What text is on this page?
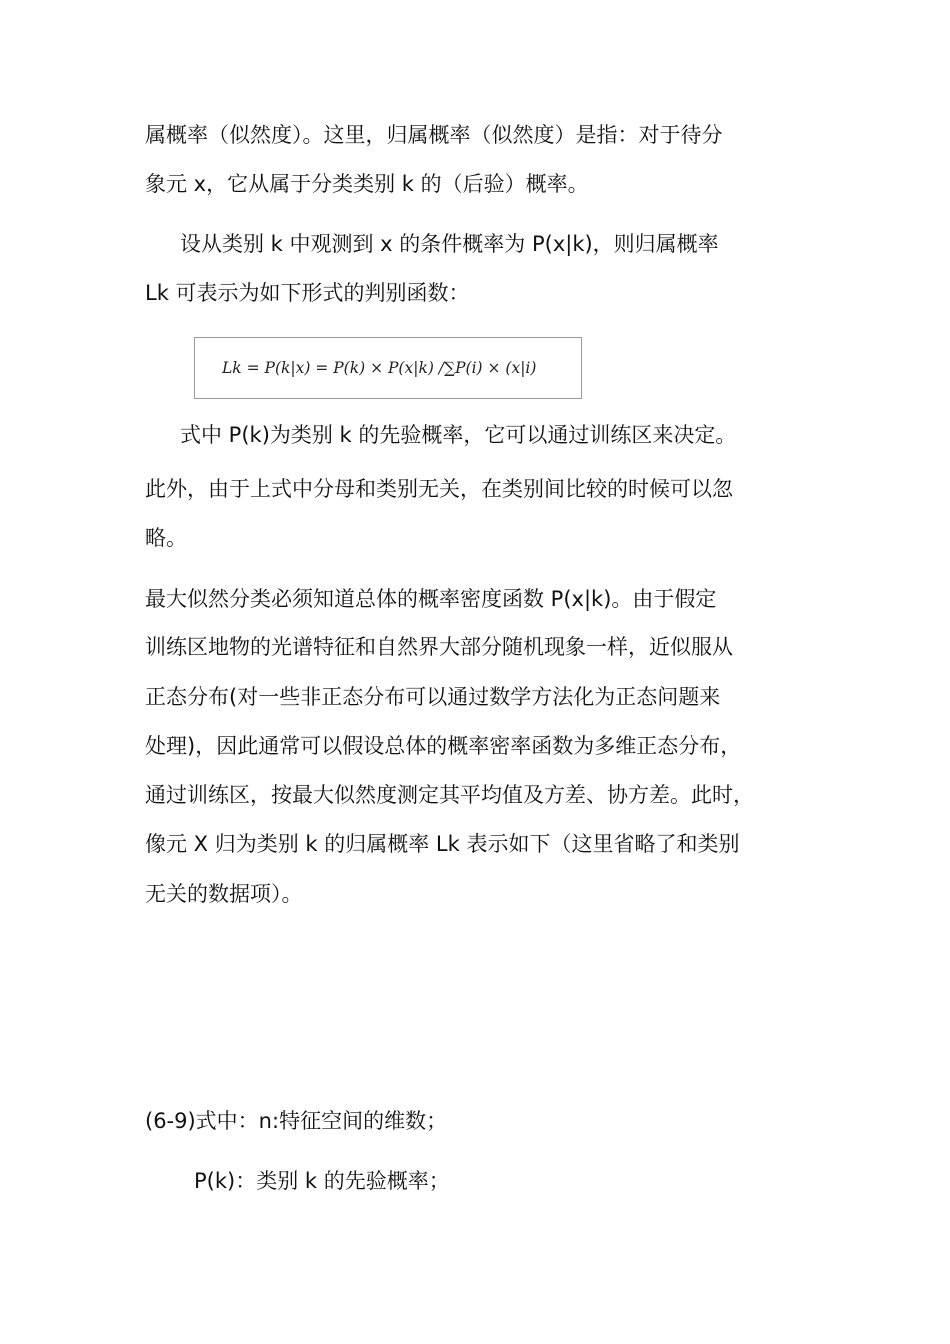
属概率（似然度）。这里，归属概率（似然度）是指：对于待分
象元 x，它从属于分类类别 k 的（后验）概率。
设从类别 k 中观测到 x 的条件概率为 P(x|k)，则归属概率
Lk 可表示为如下形式的判别函数：
Lk = P(k|x) = P(k) × P(x|k) /∑P(i) × (x|i)
式中 P(k)为类别 k 的先验概率，它可以通过训练区来决定。
此外，由于上式中分母和类别无关，在类别间比较的时候可以忽
略。
最大似然分类必须知道总体的概率密度函数 P(x|k)。由于假定
训练区地物的光谱特征和自然界大部分随机现象一样，近似服从
正态分布(对一些非正态分布可以通过数学方法化为正态问题来
处理)，因此通常可以假设总体的概率密率函数为多维正态分布，
通过训练区，按最大似然度测定其平均值及方差、协方差。此时，
像元 X 归为类别 k 的归属概率 Lk 表示如下（这里省略了和类别
无关的数据项）。
(6-9)式中：n:特征空间的维数；
P(k)：类别 k 的先验概率；
